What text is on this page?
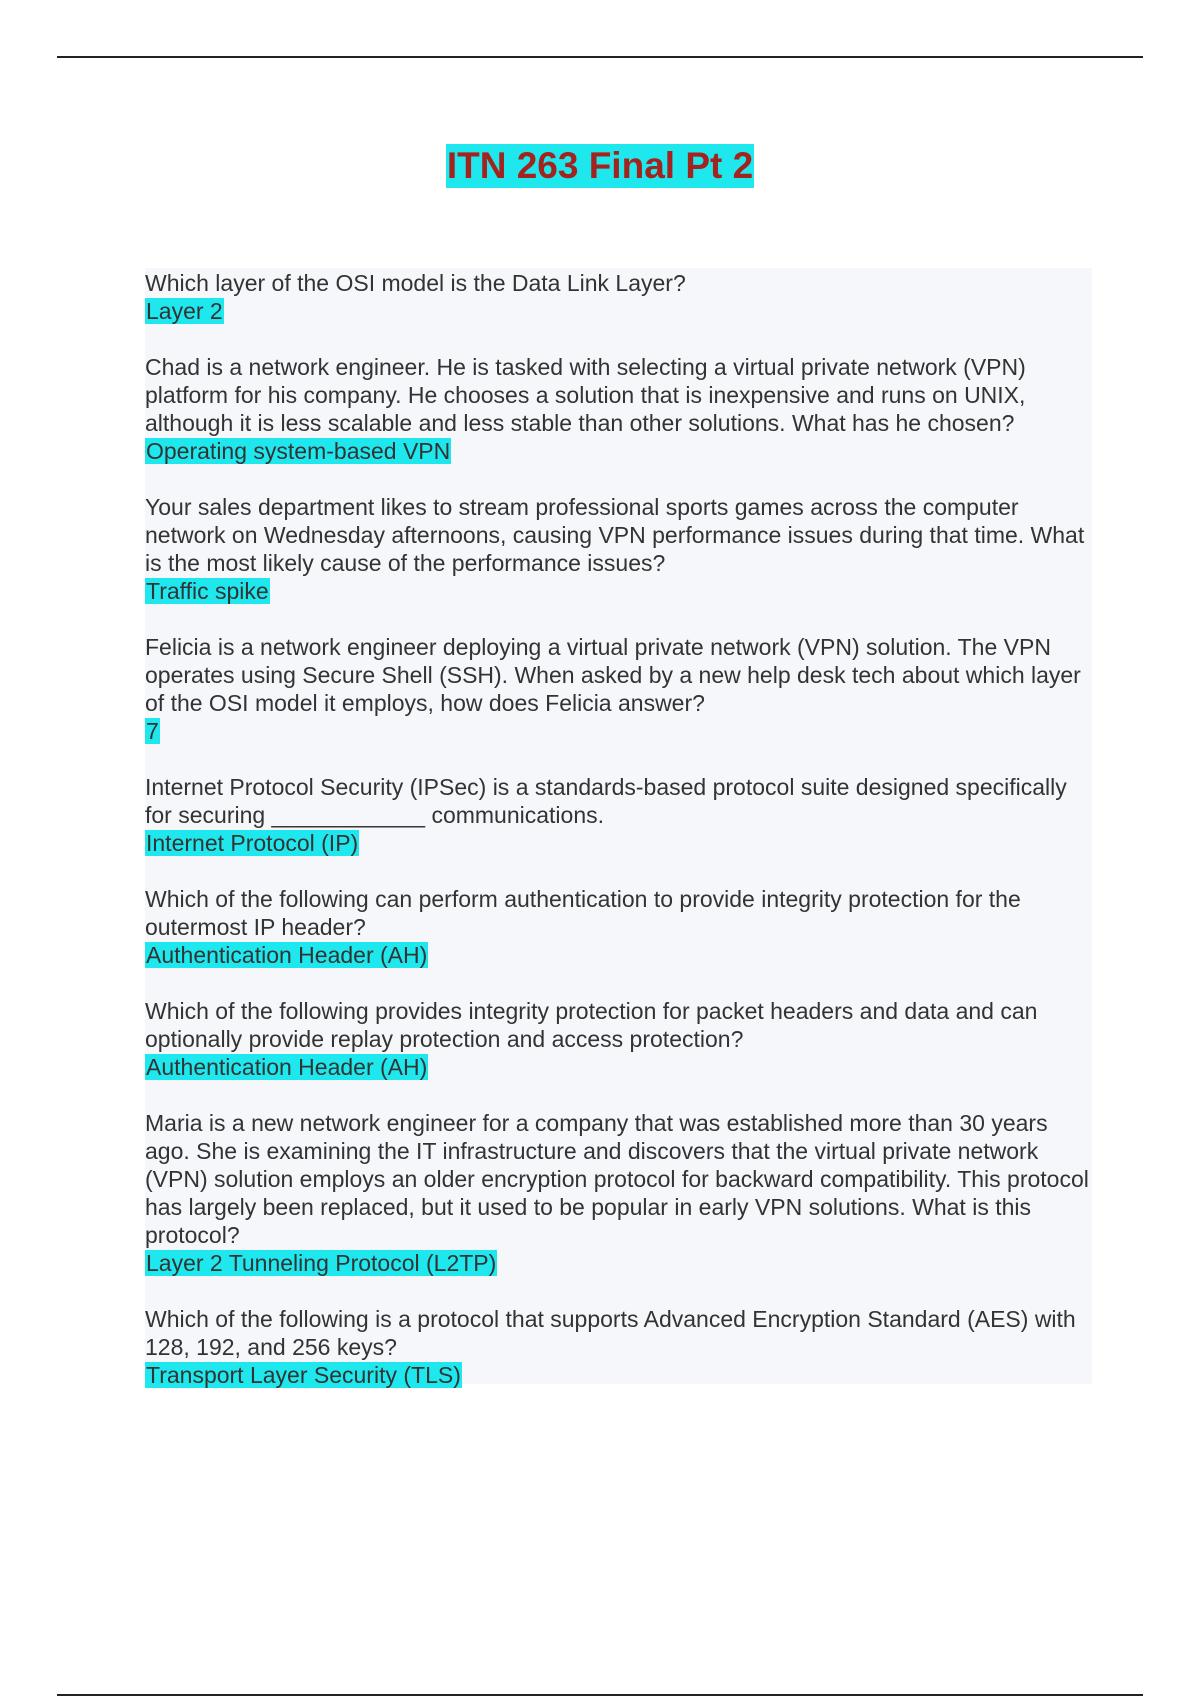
ITN 263 Final Pt 2
Which layer of the OSI model is the Data Link Layer?
Layer 2
Chad is a network engineer. He is tasked with selecting a virtual private network (VPN) platform for his company. He chooses a solution that is inexpensive and runs on UNIX, although it is less scalable and less stable than other solutions. What has he chosen?
Operating system-based VPN
Your sales department likes to stream professional sports games across the computer network on Wednesday afternoons, causing VPN performance issues during that time. What is the most likely cause of the performance issues?
Traffic spike
Felicia is a network engineer deploying a virtual private network (VPN) solution. The VPN operates using Secure Shell (SSH). When asked by a new help desk tech about which layer of the OSI model it employs, how does Felicia answer?
7
Internet Protocol Security (IPSec) is a standards-based protocol suite designed specifically for securing ____________ communications.
Internet Protocol (IP)
Which of the following can perform authentication to provide integrity protection for the outermost IP header?
Authentication Header (AH)
Which of the following provides integrity protection for packet headers and data and can optionally provide replay protection and access protection?
Authentication Header (AH)
Maria is a new network engineer for a company that was established more than 30 years ago. She is examining the IT infrastructure and discovers that the virtual private network (VPN) solution employs an older encryption protocol for backward compatibility. This protocol has largely been replaced, but it used to be popular in early VPN solutions. What is this protocol?
Layer 2 Tunneling Protocol (L2TP)
Which of the following is a protocol that supports Advanced Encryption Standard (AES) with 128, 192, and 256 keys?
Transport Layer Security (TLS)
